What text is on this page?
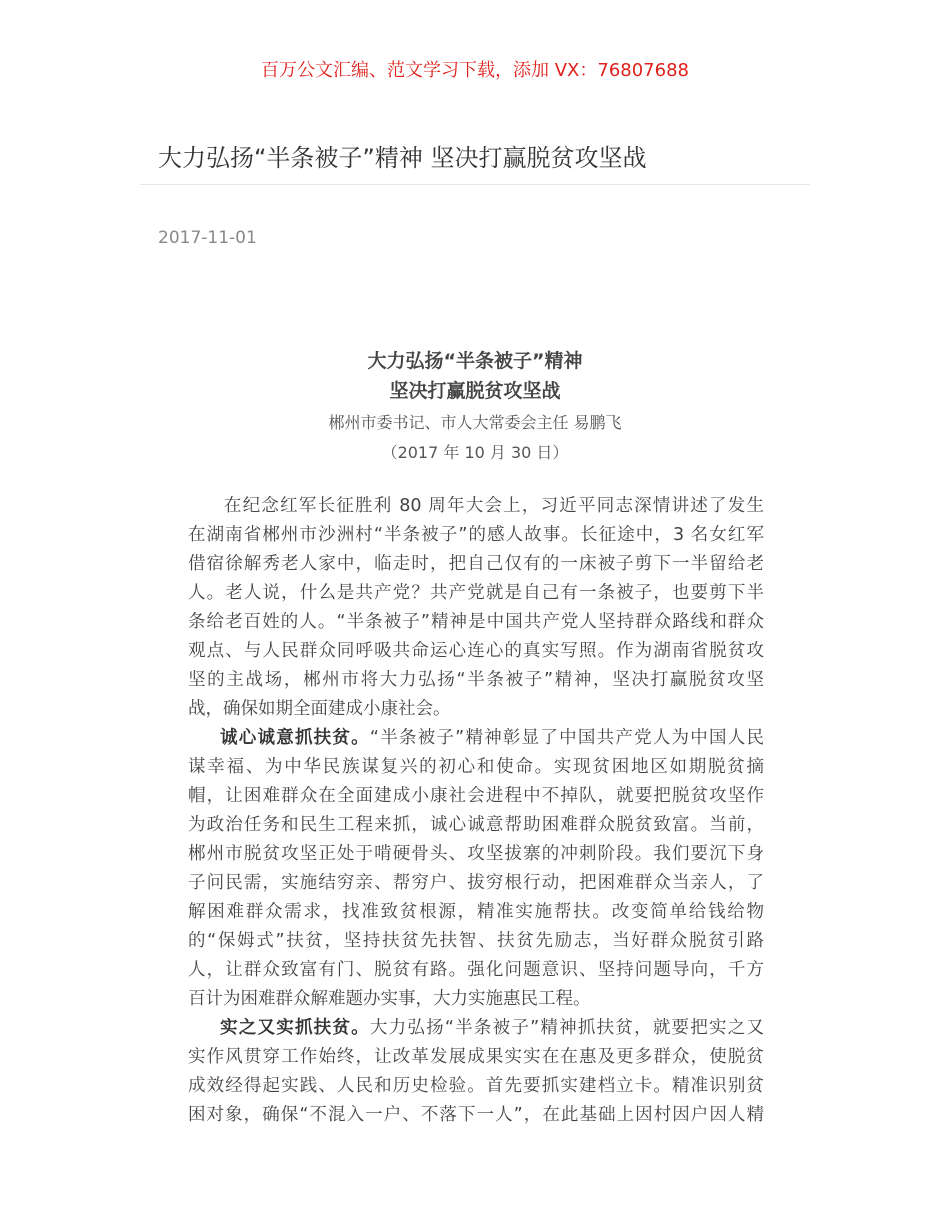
百万公文汇编、范文学习下载，添加 VX：76807688
大力弘扬“半条被子”精神 坚决打赢脱贫攻坚战
2017-11-01
大力弘扬“半条被子”精神
坚决打赢脱贫攻坚战
郴州市委书记、市人大常委会主任 易鹏飞
（2017 年 10 月 30 日）
在纪念红军长征胜利 80 周年大会上，习近平同志深情讲述了发生
在湖南省郴州市沙洲村“半条被子”的感人故事。长征途中，3 名女红军
借宿徐解秀老人家中，临走时，把自己仅有的一床被子剪下一半留给老
人。老人说，什么是共产党？共产党就是自己有一条被子，也要剪下半
条给老百姓的人。“半条被子”精神是中国共产党人坚持群众路线和群众
观点、与人民群众同呼吸共命运心连心的真实写照。作为湖南省脱贫攻
坚的主战场，郴州市将大力弘扬“半条被子”精神，坚决打赢脱贫攻坚
战，确保如期全面建成小康社会。
诚心诚意抓扶贫。“半条被子”精神彰显了中国共产党人为中国人民
谋幸福、为中华民族谋复兴的初心和使命。实现贫困地区如期脱贫摘
帽，让困难群众在全面建成小康社会进程中不掉队，就要把脱贫攻坚作
为政治任务和民生工程来抓，诚心诚意帮助困难群众脱贫致富。当前，
郴州市脱贫攻坚正处于啃硬骨头、攻坚拔寨的冲刺阶段。我们要沉下身
子问民需，实施结穷亲、帮穷户、拔穷根行动，把困难群众当亲人，了
解困难群众需求，找准致贫根源，精准实施帮扶。改变简单给钱给物
的“保姆式”扶贫，坚持扶贫先扶智、扶贫先励志，当好群众脱贫引路
人，让群众致富有门、脱贫有路。强化问题意识、坚持问题导向，千方
百计为困难群众解难题办实事，大力实施惠民工程。
实之又实抓扶贫。大力弘扬“半条被子”精神抓扶贫，就要把实之又
实作风贯穿工作始终，让改革发展成果实实在在惠及更多群众，使脱贫
成效经得起实践、人民和历史检验。首先要抓实建档立卡。精准识别贫
困对象，确保“不混入一户、不落下一人”，在此基础上因村因户因人精
